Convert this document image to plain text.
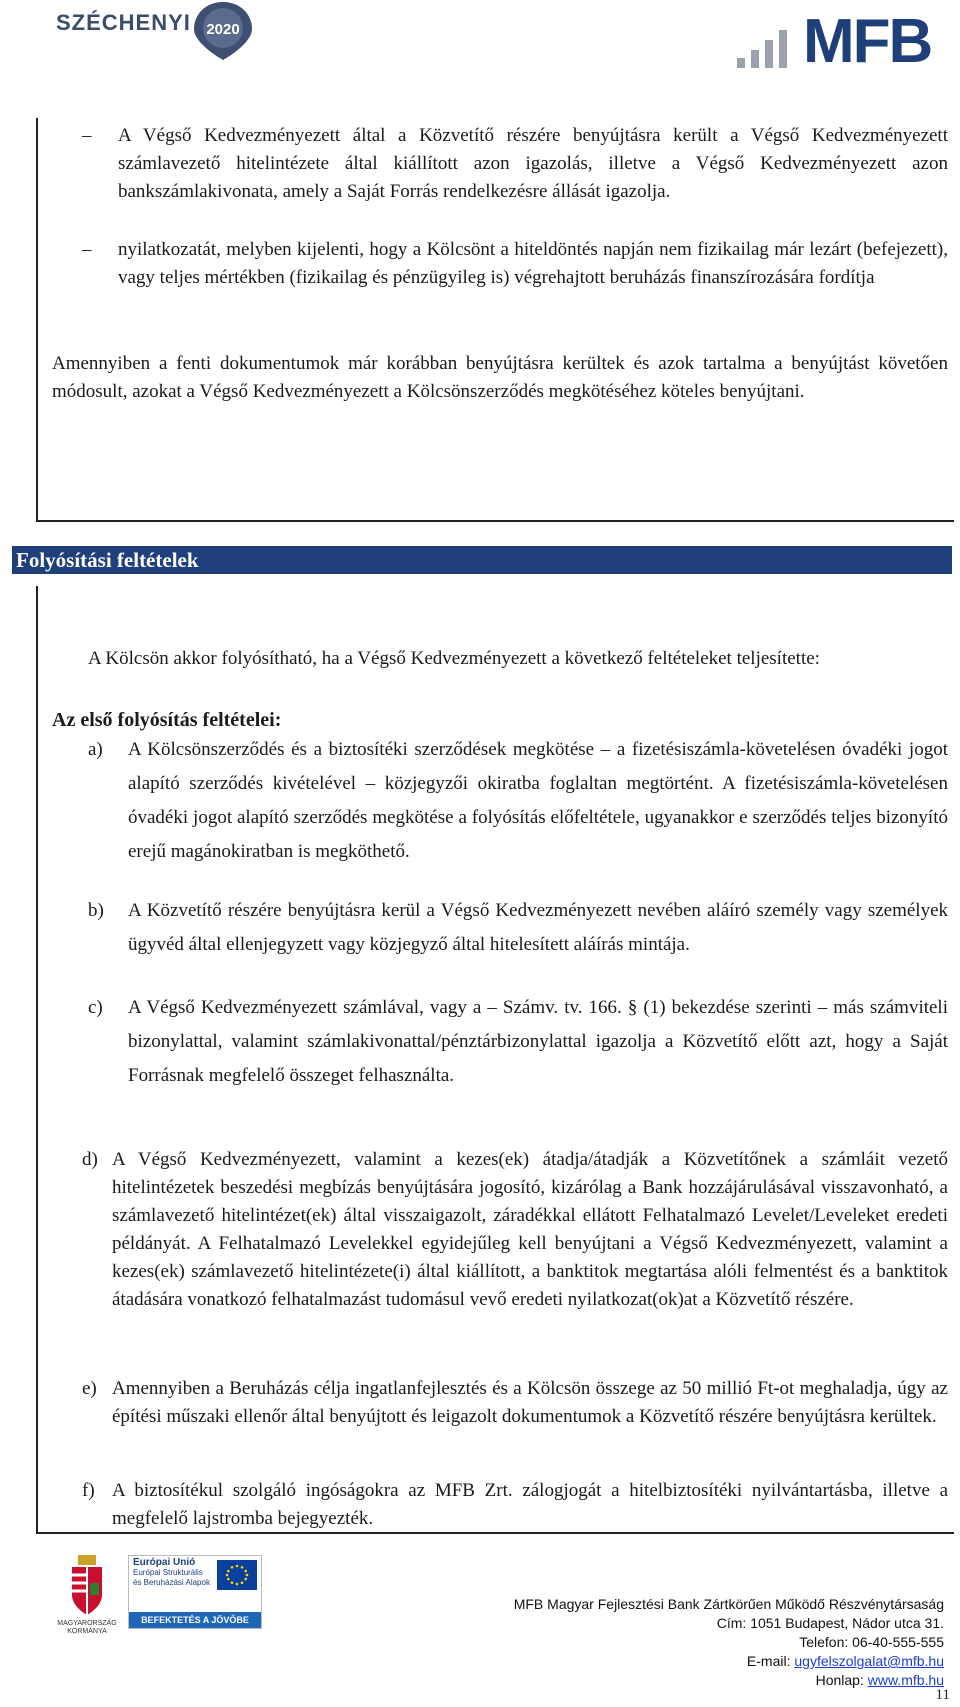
SZÉCHENYI 2020	MFB
– A Végső Kedvezményezett által a Közvetítő részére benyújtásra került a Végső Kedvezményezett számlavezető hitelintézete által kiállított azon igazolás, illetve a Végső Kedvezményezett azon bankszámlakivonata, amely a Saját Forrás rendelkezésre állását igazolja.

– nyilatkozatát, melyben kijelenti, hogy a Kölcsönt a hiteldöntés napján nem fizikailag már lezárt (befejezett), vagy teljes mértékben (fizikailag és pénzügyileg is) végrehajtott beruházás finanszírozására fordítja

Amennyiben a fenti dokumentumok már korábban benyújtásra kerültek és azok tartalma a benyújtást követően módosult, azokat a Végső Kedvezményezett a Kölcsönszerződés megkötéséhez köteles benyújtani.

Folyósítási feltételek

A Kölcsön akkor folyósítható, ha a Végső Kedvezményezett a következő feltételeket teljesítette:

Az első folyósítás feltételei:
a) A Kölcsönszerződés és a biztosítéki szerződések megkötése – a fizetésiszámla-követelésen óvadéki jogot alapító szerződés kivételével – közjegyzői okiratba foglaltan megtörtént. A fizetésiszámla-követelésen óvadéki jogot alapító szerződés megkötése a folyósítás előfeltétele, ugyanakkor e szerződés teljes bizonyító erejű magánokiratban is megköthető.

b) A Közvetítő részére benyújtásra kerül a Végső Kedvezményezett nevében aláíró személy vagy személyek ügyvéd által ellenjegyzett vagy közjegyző által hitelesített aláírás mintája.

c) A Végső Kedvezményezett számlával, vagy a – Számv. tv. 166. § (1) bekezdése szerinti – más számviteli bizonylattal, valamint számlakivonattal/pénztárbizonylattal igazolja a Közvetítő előtt azt, hogy a Saját Forrásnak megfelelő összeget felhasználta.

d) A Végső Kedvezményezett, valamint a kezes(ek) átadja/átadják a Közvetítőnek a számláit vezető hitelintézetek beszedési megbízás benyújtására jogosító, kizárólag a Bank hozzájárulásával visszavonható, a számlavezető hitelintézet(ek) által visszaigazolt, záradékkal ellátott Felhatalmazó Levelet/Leveleket eredeti példányát. A Felhatalmazó Levelekkel egyidejűleg kell benyújtani a Végső Kedvezményezett, valamint a kezes(ek) számlavezető hitelintézete(i) által kiállított, a banktitok megtartása alóli felmentést és a banktitok átadására vonatkozó felhatalmazást tudomásul vevő eredeti nyilatkozat(ok)at a Közvetítő részére.

e) Amennyiben a Beruházás célja ingatlanfejlesztés és a Kölcsön összege az 50 millió Ft-ot meghaladja, úgy az építési műszaki ellenőr által benyújtott és leigazolt dokumentumok a Közvetítő részére benyújtásra kerültek.

f) A biztosítékul szolgáló ingóságokra az MFB Zrt. zálogjogát a hitelbiztosítéki nyilvántartásba, illetve a megfelelő lajstromba bejegyezték.

MAGYARORSZÁG
KORMÁNYA
Európai Unió
Európai Strukturális
és Beruházási Alapok
BEFEKTETÉS A JÖVŐBE
MFB Magyar Fejlesztési Bank Zártkörűen Működő Részvénytársaság
Cím: 1051 Budapest, Nádor utca 31.
Telefon: 06-40-555-555
E-mail: ugyfelszolgalat@mfb.hu
Honlap: www.mfb.hu
11
